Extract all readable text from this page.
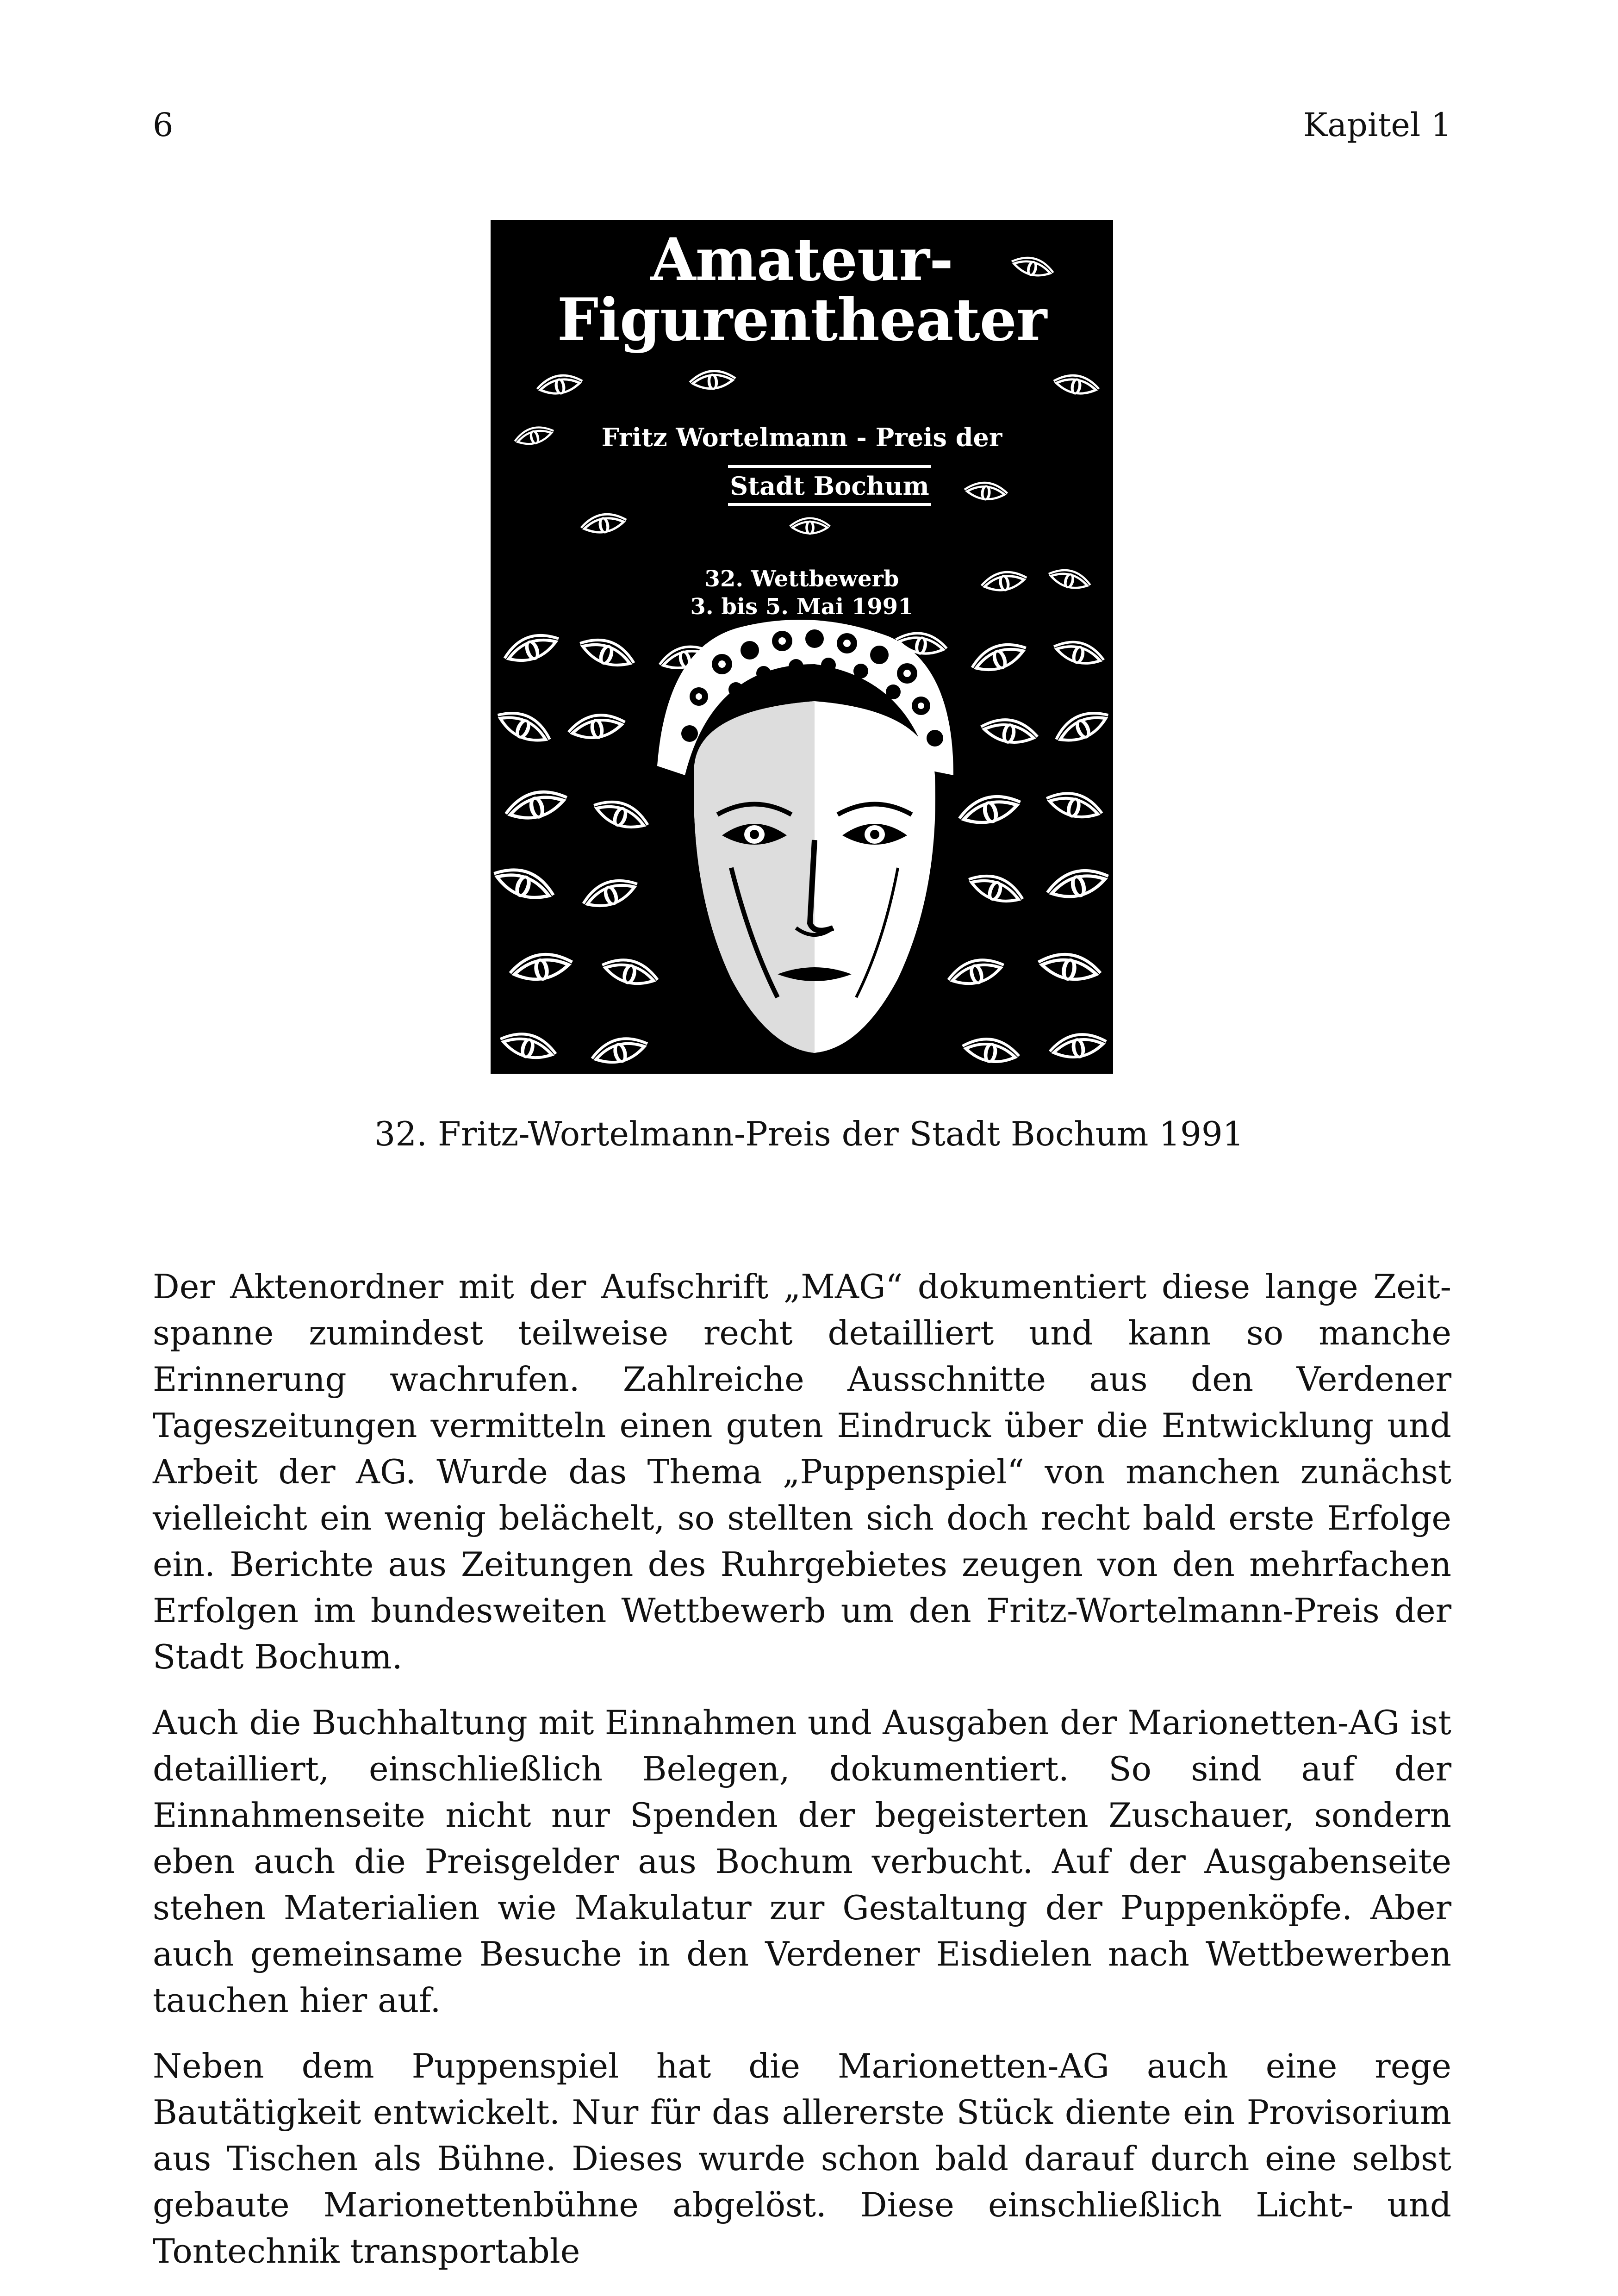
6	Kapitel 1
Amateur-
Figurentheater
Fritz Wortelmann - Preis der
Stadt Bochum
32. Wettbewerb
3. bis 5. Mai 1991
32. Fritz-Wortelmann-Preis der Stadt Bochum 1991

Der Aktenordner mit der Aufschrift „MAG“ dokumentiert diese lange Zeitspanne zumindest teilweise recht detailliert und kann so manche Erinnerung wachrufen. Zahlreiche Ausschnitte aus den Verdener Tageszeitungen vermitteln einen guten Eindruck über die Entwicklung und Arbeit der AG. Wurde das Thema „Puppenspiel“ von manchen zunächst vielleicht ein wenig belächelt, so stellten sich doch recht bald erste Erfolge ein. Berichte aus Zeitungen des Ruhrgebietes zeugen von den mehrfachen Erfolgen im bundesweiten Wettbewerb um den Fritz-Wortelmann-Preis der Stadt Bochum.

Auch die Buchhaltung mit Einnahmen und Ausgaben der Marionetten-AG ist detailliert, einschließlich Belegen, dokumentiert. So sind auf der Einnahmenseite nicht nur Spenden der begeisterten Zuschauer, sondern eben auch die Preisgelder aus Bochum verbucht. Auf der Ausgabenseite stehen Materialien wie Makulatur zur Gestaltung der Puppenköpfe. Aber auch gemeinsame Besuche in den Verdener Eisdielen nach Wettbewerben tauchen hier auf.

Neben dem Puppenspiel hat die Marionetten-AG auch eine rege Bautätigkeit entwickelt. Nur für das allererste Stück diente ein Provisorium aus Tischen als Bühne. Dieses wurde schon bald darauf durch eine selbst gebaute Marionettenbühne abgelöst. Diese einschließlich Licht- und Tontechnik transportable
